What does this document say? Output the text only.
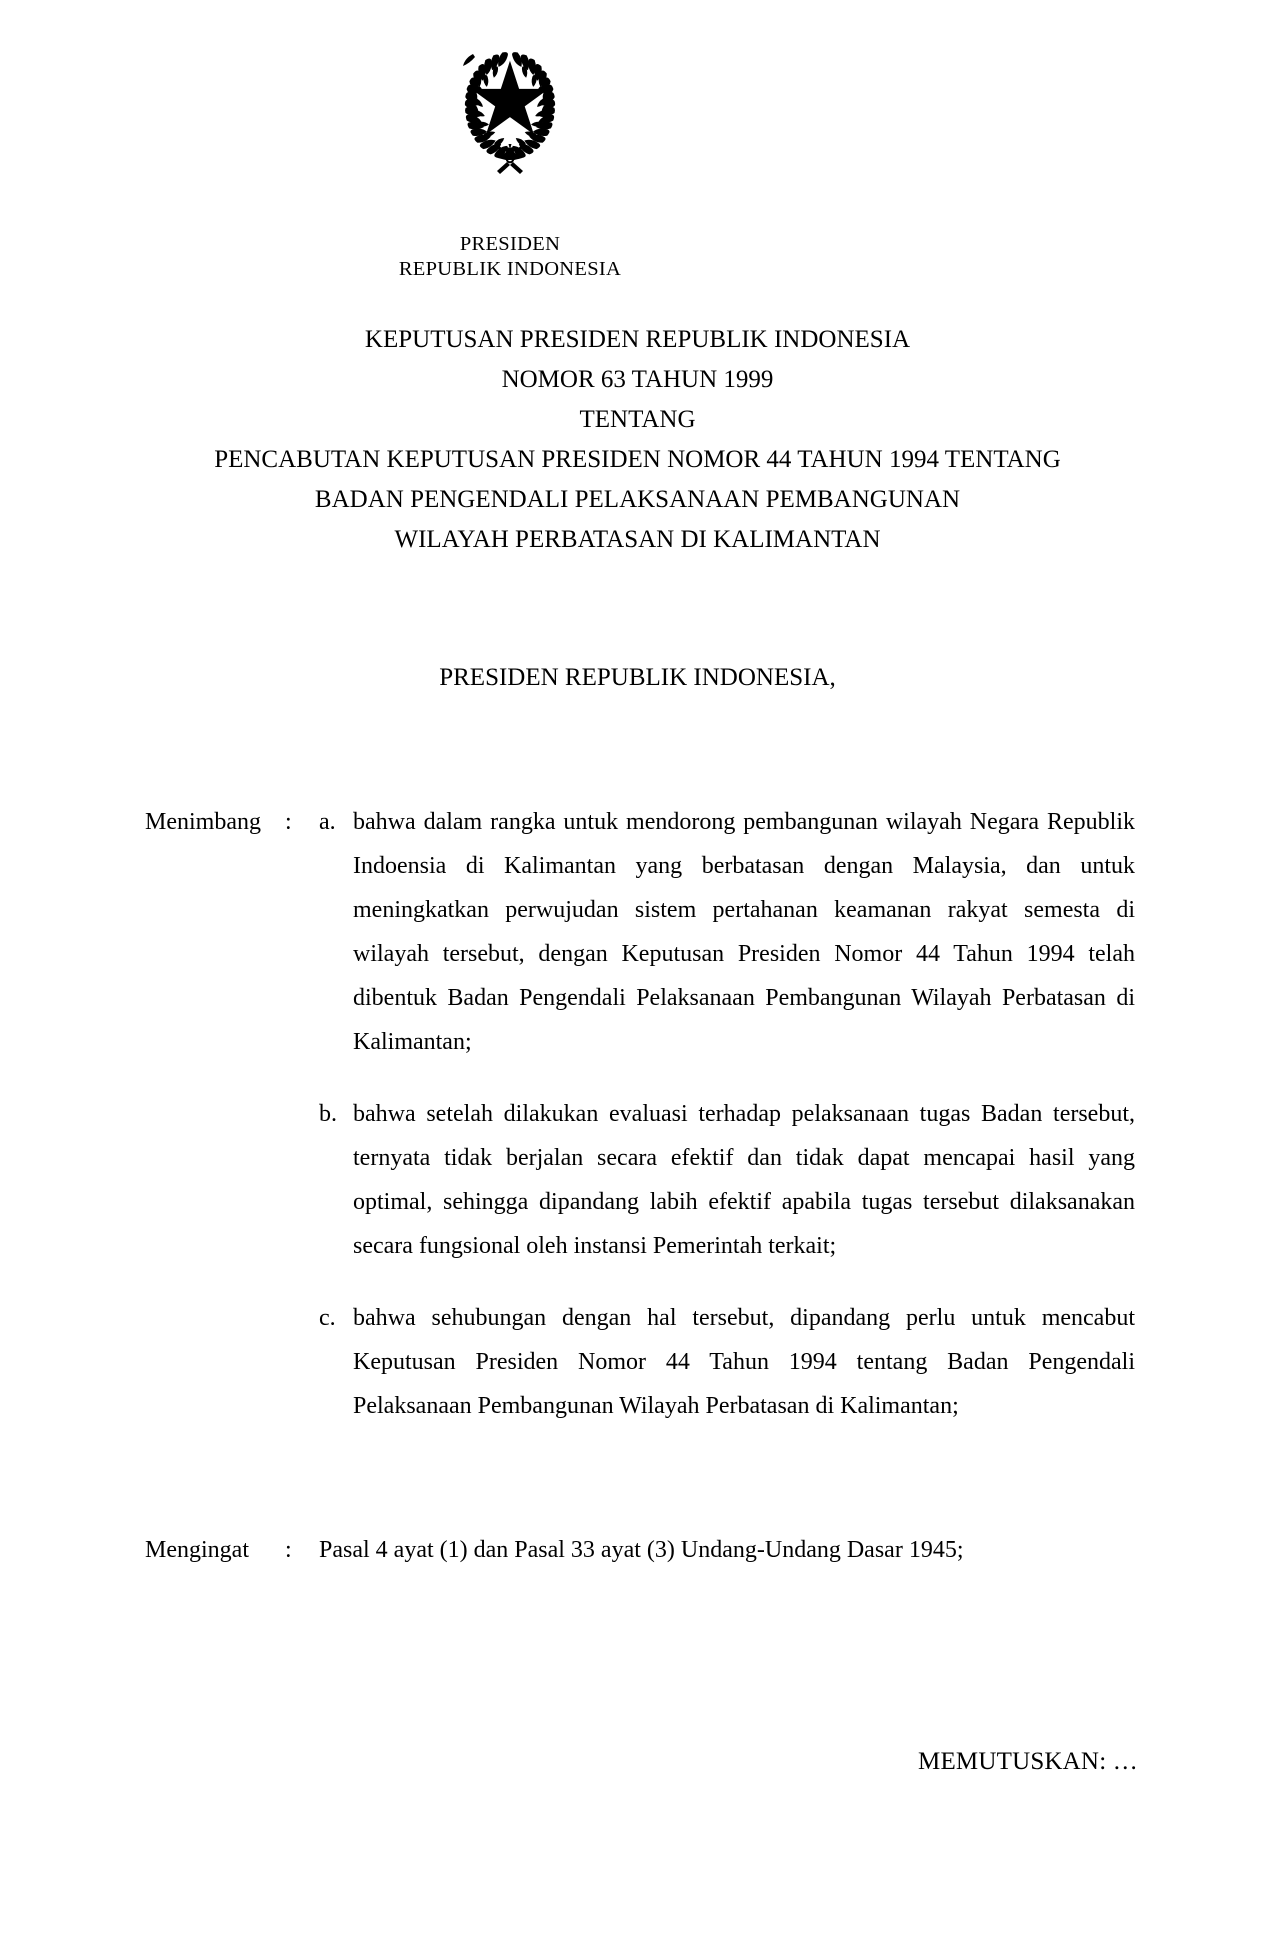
PRESIDEN
REPUBLIK INDONESIA
KEPUTUSAN PRESIDEN REPUBLIK INDONESIA
NOMOR 63 TAHUN 1999
TENTANG
PENCABUTAN KEPUTUSAN PRESIDEN NOMOR 44 TAHUN 1994 TENTANG
BADAN PENGENDALI PELAKSANAAN PEMBANGUNAN
WILAYAH PERBATASAN DI KALIMANTAN
PRESIDEN REPUBLIK INDONESIA,
Menimbang	:	a. bahwa dalam rangka untuk mendorong pembangunan wilayah Negara Republik Indoensia di Kalimantan yang berbatasan dengan Malaysia, dan untuk meningkatkan perwujudan sistem pertahanan keamanan rakyat semesta di wilayah tersebut, dengan Keputusan Presiden Nomor 44 Tahun 1994 telah dibentuk Badan Pengendali Pelaksanaan Pembangunan Wilayah Perbatasan di Kalimantan;
b. bahwa setelah dilakukan evaluasi terhadap pelaksanaan tugas Badan tersebut, ternyata tidak berjalan secara efektif dan tidak dapat mencapai hasil yang optimal, sehingga dipandang labih efektif apabila tugas tersebut dilaksanakan secara fungsional oleh instansi Pemerintah terkait;
c. bahwa sehubungan dengan hal tersebut, dipandang perlu untuk mencabut Keputusan Presiden Nomor 44 Tahun 1994 tentang Badan Pengendali Pelaksanaan Pembangunan Wilayah Perbatasan di Kalimantan;
Mengingat	:	Pasal 4 ayat (1) dan Pasal 33 ayat (3) Undang-Undang Dasar 1945;
MEMUTUSKAN: …
